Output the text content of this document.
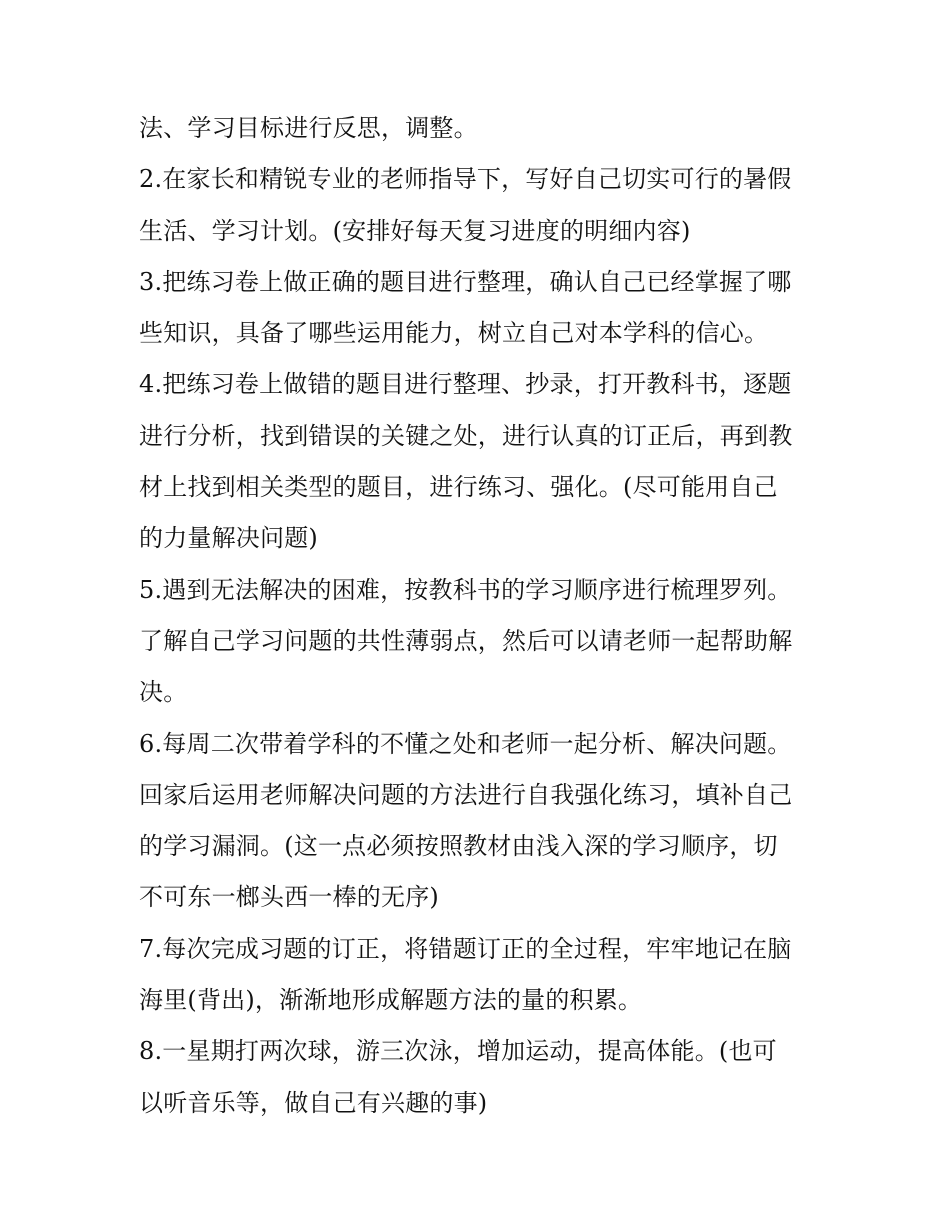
法、学习目标进行反思，调整。
2.在家长和精锐专业的老师指导下，写好自己切实可行的暑假
生活、学习计划。(安排好每天复习进度的明细内容)
3.把练习卷上做正确的题目进行整理，确认自己已经掌握了哪
些知识，具备了哪些运用能力，树立自己对本学科的信心。
4.把练习卷上做错的题目进行整理、抄录，打开教科书，逐题
进行分析，找到错误的关键之处，进行认真的订正后，再到教
材上找到相关类型的题目，进行练习、强化。(尽可能用自己
的力量解决问题)
5.遇到无法解决的困难，按教科书的学习顺序进行梳理罗列。
了解自己学习问题的共性薄弱点，然后可以请老师一起帮助解
决。
6.每周二次带着学科的不懂之处和老师一起分析、解决问题。
回家后运用老师解决问题的方法进行自我强化练习，填补自己
的学习漏洞。(这一点必须按照教材由浅入深的学习顺序，切
不可东一榔头西一棒的无序)
7.每次完成习题的订正，将错题订正的全过程，牢牢地记在脑
海里(背出)，渐渐地形成解题方法的量的积累。
8.一星期打两次球，游三次泳，增加运动，提高体能。(也可
以听音乐等，做自己有兴趣的事)
